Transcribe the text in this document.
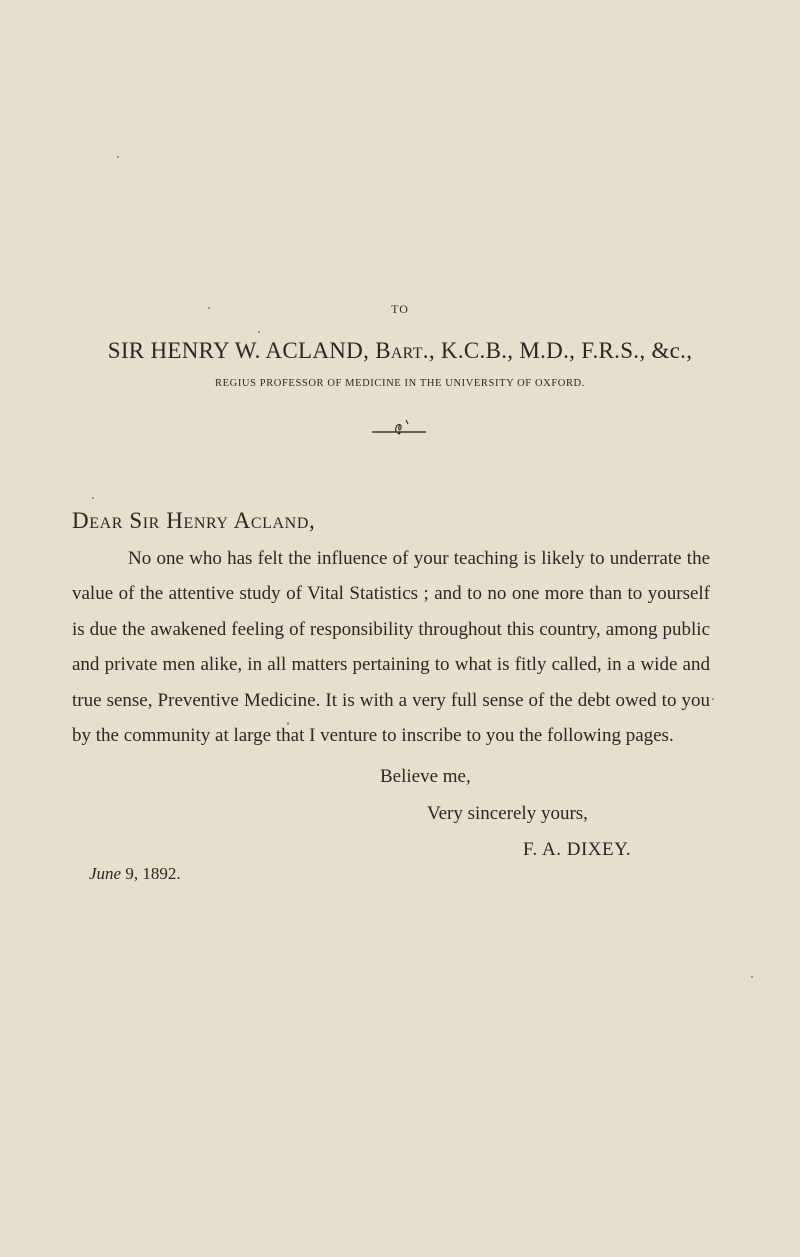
TO
SIR HENRY W. ACLAND, Bart., K.C.B., M.D., F.R.S., &c.,
REGIUS PROFESSOR OF MEDICINE IN THE UNIVERSITY OF OXFORD.
Dear Sir Henry Acland,

No one who has felt the influence of your teaching is likely to underrate the value of the attentive study of Vital Statistics ; and to no one more than to yourself is due the awakened feeling of responsibility throughout this country, among public and private men alike, in all matters pertaining to what is fitly called, in a wide and true sense, Preventive Medicine. It is with a very full sense of the debt owed to you by the community at large that I venture to inscribe to you the following pages.

Believe me,
Very sincerely yours,
F. A. DIXEY.
June 9, 1892.
